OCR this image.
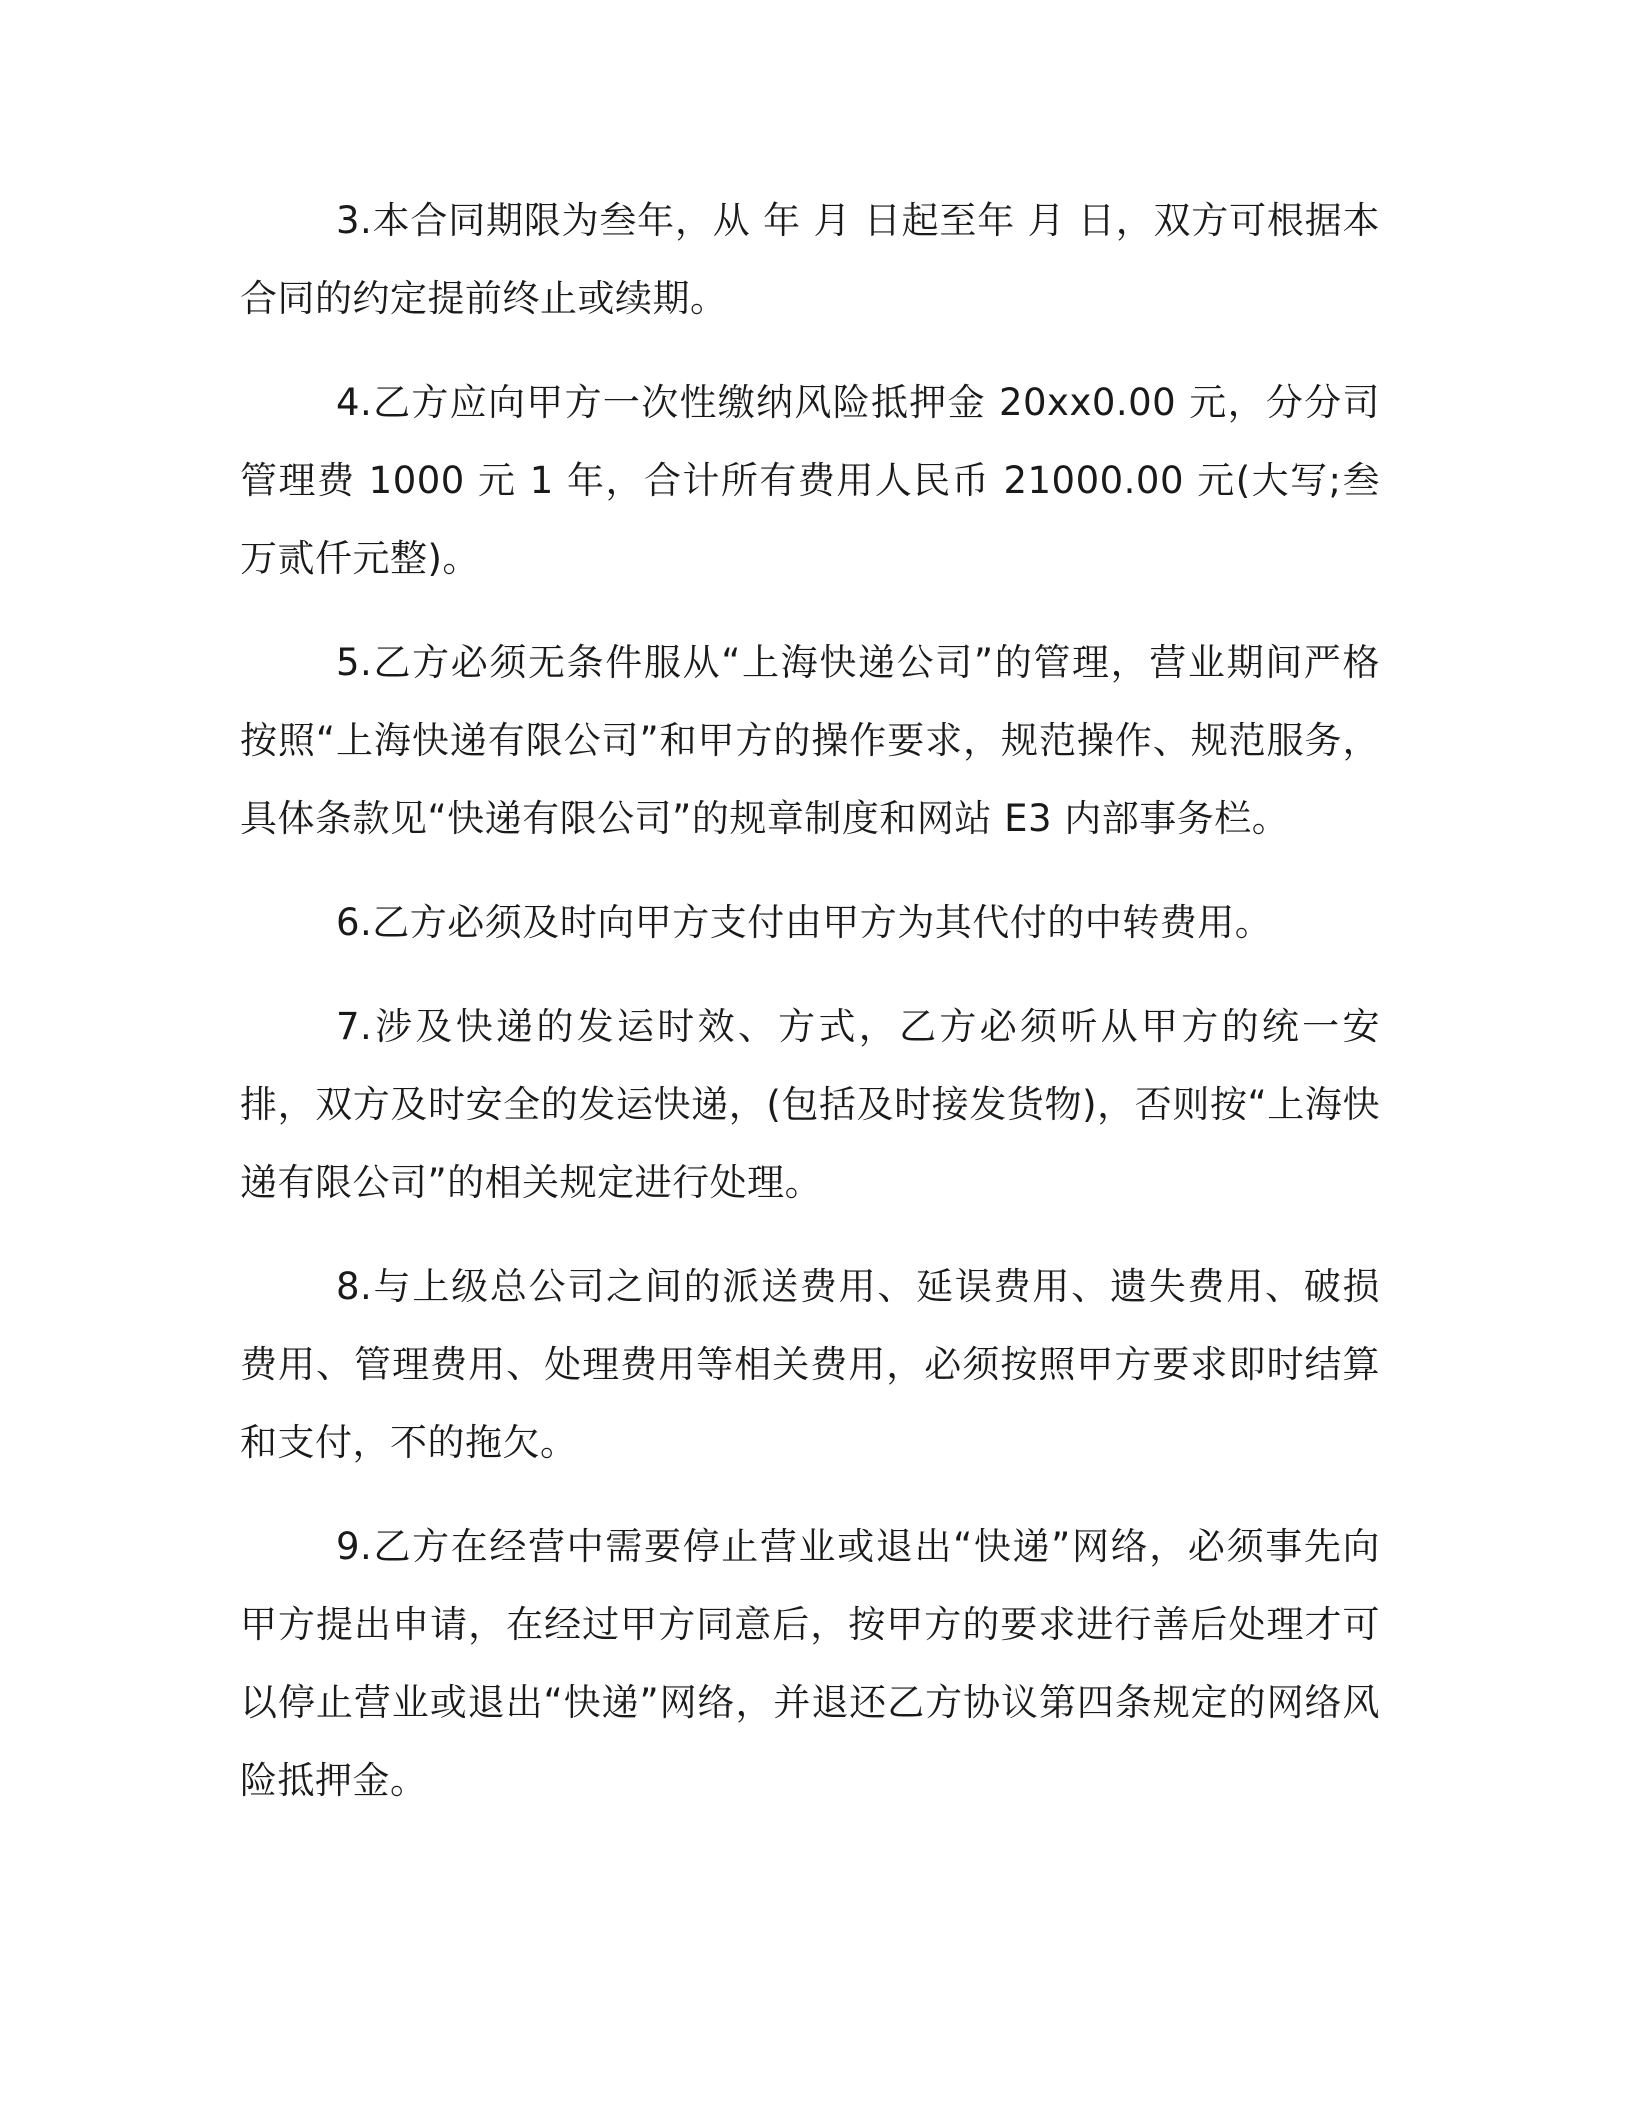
3.本合同期限为叁年，从 年 月 日起至年 月 日，双方可根据本合同的约定提前终止或续期。

4.乙方应向甲方一次性缴纳风险抵押金 20xx0.00 元，分分司管理费 1000 元 1 年，合计所有费用人民币 21000.00 元(大写;叁万贰仟元整)。

5.乙方必须无条件服从“上海快递公司”的管理，营业期间严格按照“上海快递有限公司”和甲方的操作要求，规范操作、规范服务，具体条款见“快递有限公司”的规章制度和网站 E3 内部事务栏。

6.乙方必须及时向甲方支付由甲方为其代付的中转费用。

7.涉及快递的发运时效、方式，乙方必须听从甲方的统一安排，双方及时安全的发运快递，(包括及时接发货物)，否则按“上海快递有限公司”的相关规定进行处理。

8.与上级总公司之间的派送费用、延误费用、遗失费用、破损费用、管理费用、处理费用等相关费用，必须按照甲方要求即时结算和支付，不的拖欠。

9.乙方在经营中需要停止营业或退出“快递”网络，必须事先向甲方提出申请，在经过甲方同意后，按甲方的要求进行善后处理才可以停止营业或退出“快递”网络，并退还乙方协议第四条规定的网络风险抵押金。
